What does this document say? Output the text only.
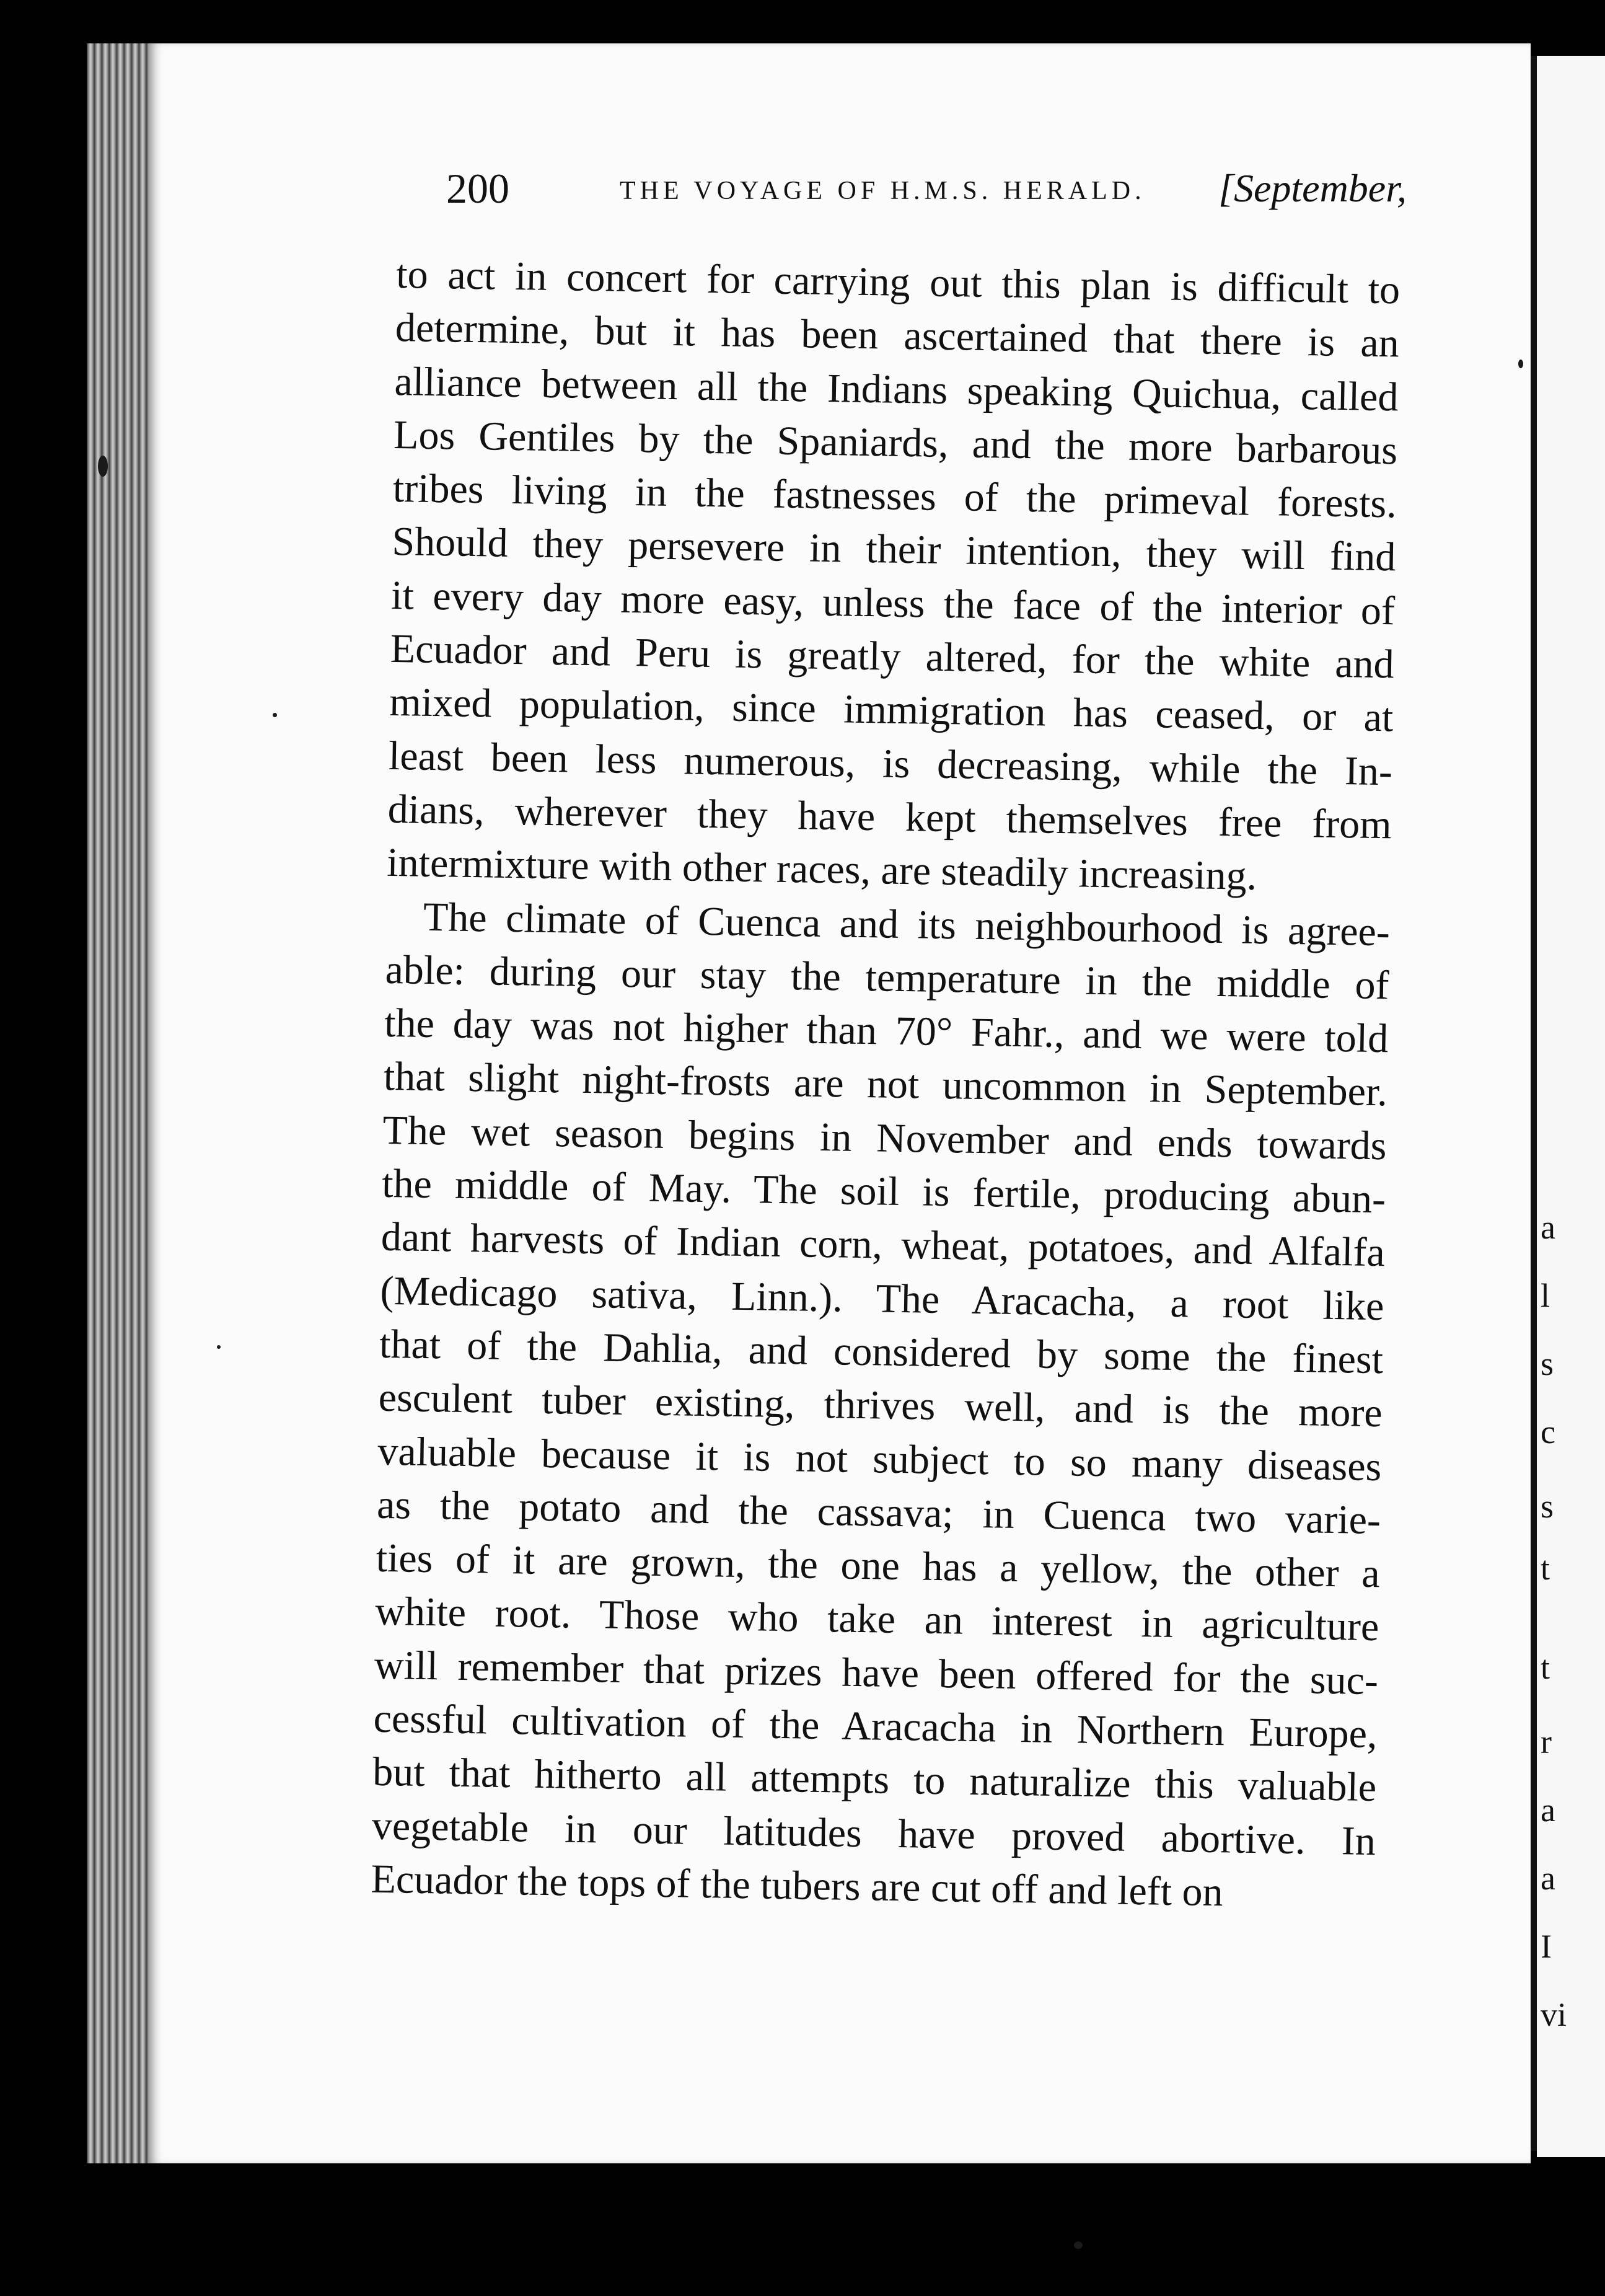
a
l
s
c
s
t
t
r
a
a
I
vi
200	THE VOYAGE OF H.M.S. HERALD. [September,
to act in concert for carrying out this plan is difficult to
determine, but it has been ascertained that there is an
alliance between all the Indians speaking Quichua, called
Los Gentiles by the Spaniards, and the more barbarous
tribes living in the fastnesses of the primeval forests.
Should they persevere in their intention, they will find
it every day more easy, unless the face of the interior of
Ecuador and Peru is greatly altered, for the white and
mixed population, since immigration has ceased, or at
least been less numerous, is decreasing, while the In-
dians, wherever they have kept themselves free from
intermixture with other races, are steadily increasing.
The climate of Cuenca and its neighbourhood is agree-
able: during our stay the temperature in the middle of
the day was not higher than 70° Fahr., and we were told
that slight night-frosts are not uncommon in September.
The wet season begins in November and ends towards
the middle of May. The soil is fertile, producing abun-
dant harvests of Indian corn, wheat, potatoes, and Alfalfa
(Medicago sativa, Linn.). The Aracacha, a root like
that of the Dahlia, and considered by some the finest
esculent tuber existing, thrives well, and is the more
valuable because it is not subject to so many diseases
as the potato and the cassava; in Cuenca two varie-
ties of it are grown, the one has a yellow, the other a
white root. Those who take an interest in agriculture
will remember that prizes have been offered for the suc-
cessful cultivation of the Aracacha in Northern Europe,
but that hitherto all attempts to naturalize this valuable
vegetable in our latitudes have proved abortive. In
Ecuador the tops of the tubers are cut off and left on
